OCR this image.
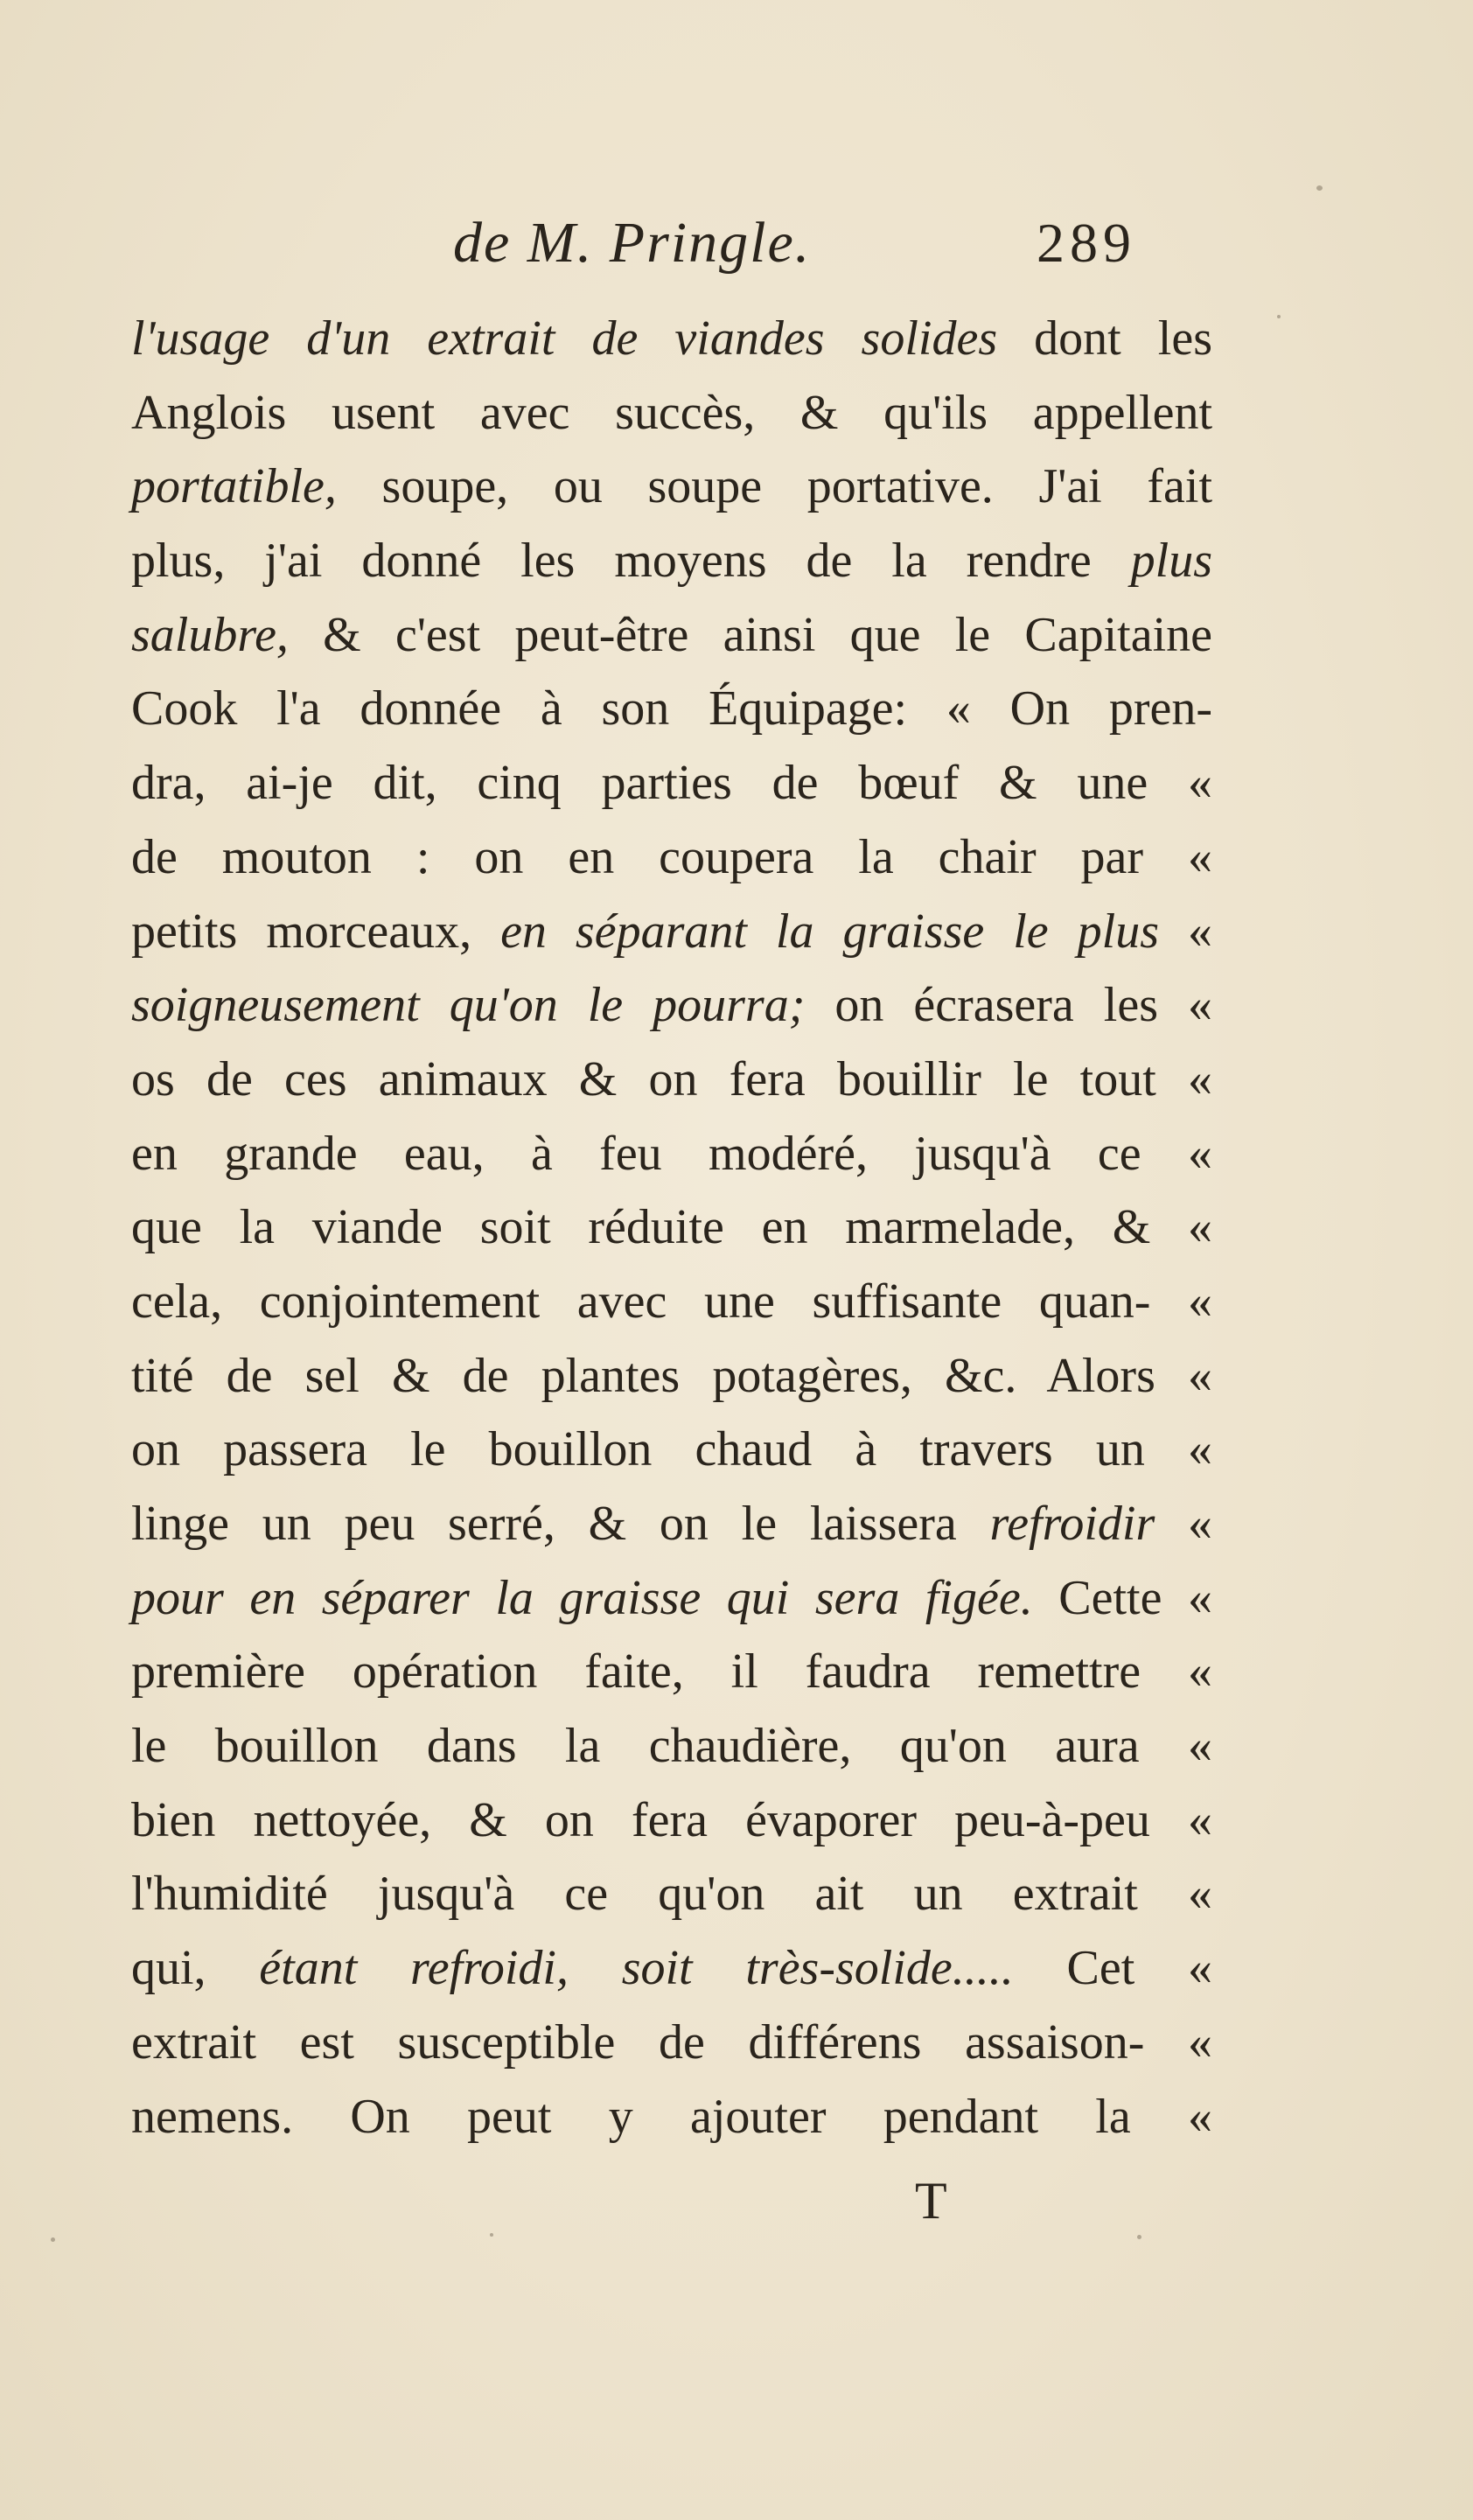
de M. Pringle.	289
l'usage d'un extrait de viandes solides dont les
Anglois usent avec succès, & qu'ils appellent
portatible, soupe, ou soupe portative. J'ai fait
plus, j'ai donné les moyens de la rendre plus
salubre, & c'est peut-être ainsi que le Capitaine
Cook l'a donnée à son Équipage: « On pren-
dra, ai-je dit, cinq parties de bœuf & une «
de mouton : on en coupera la chair par «
petits morceaux, en séparant la graisse le plus «
soigneusement qu'on le pourra; on écrasera les «
os de ces animaux & on fera bouillir le tout «
en grande eau, à feu modéré, jusqu'à ce «
que la viande soit réduite en marmelade, & «
cela, conjointement avec une suffisante quan- «
tité de sel & de plantes potagères, &c. Alors «
on passera le bouillon chaud à travers un «
linge un peu serré, & on le laissera refroidir «
pour en séparer la graisse qui sera figée. Cette «
première opération faite, il faudra remettre «
le bouillon dans la chaudière, qu'on aura «
bien nettoyée, & on fera évaporer peu-à-peu «
l'humidité jusqu'à ce qu'on ait un extrait «
qui, étant refroidi, soit très-solide..... Cet «
extrait est susceptible de différens assaison- «
nemens. On peut y ajouter pendant la «
T
